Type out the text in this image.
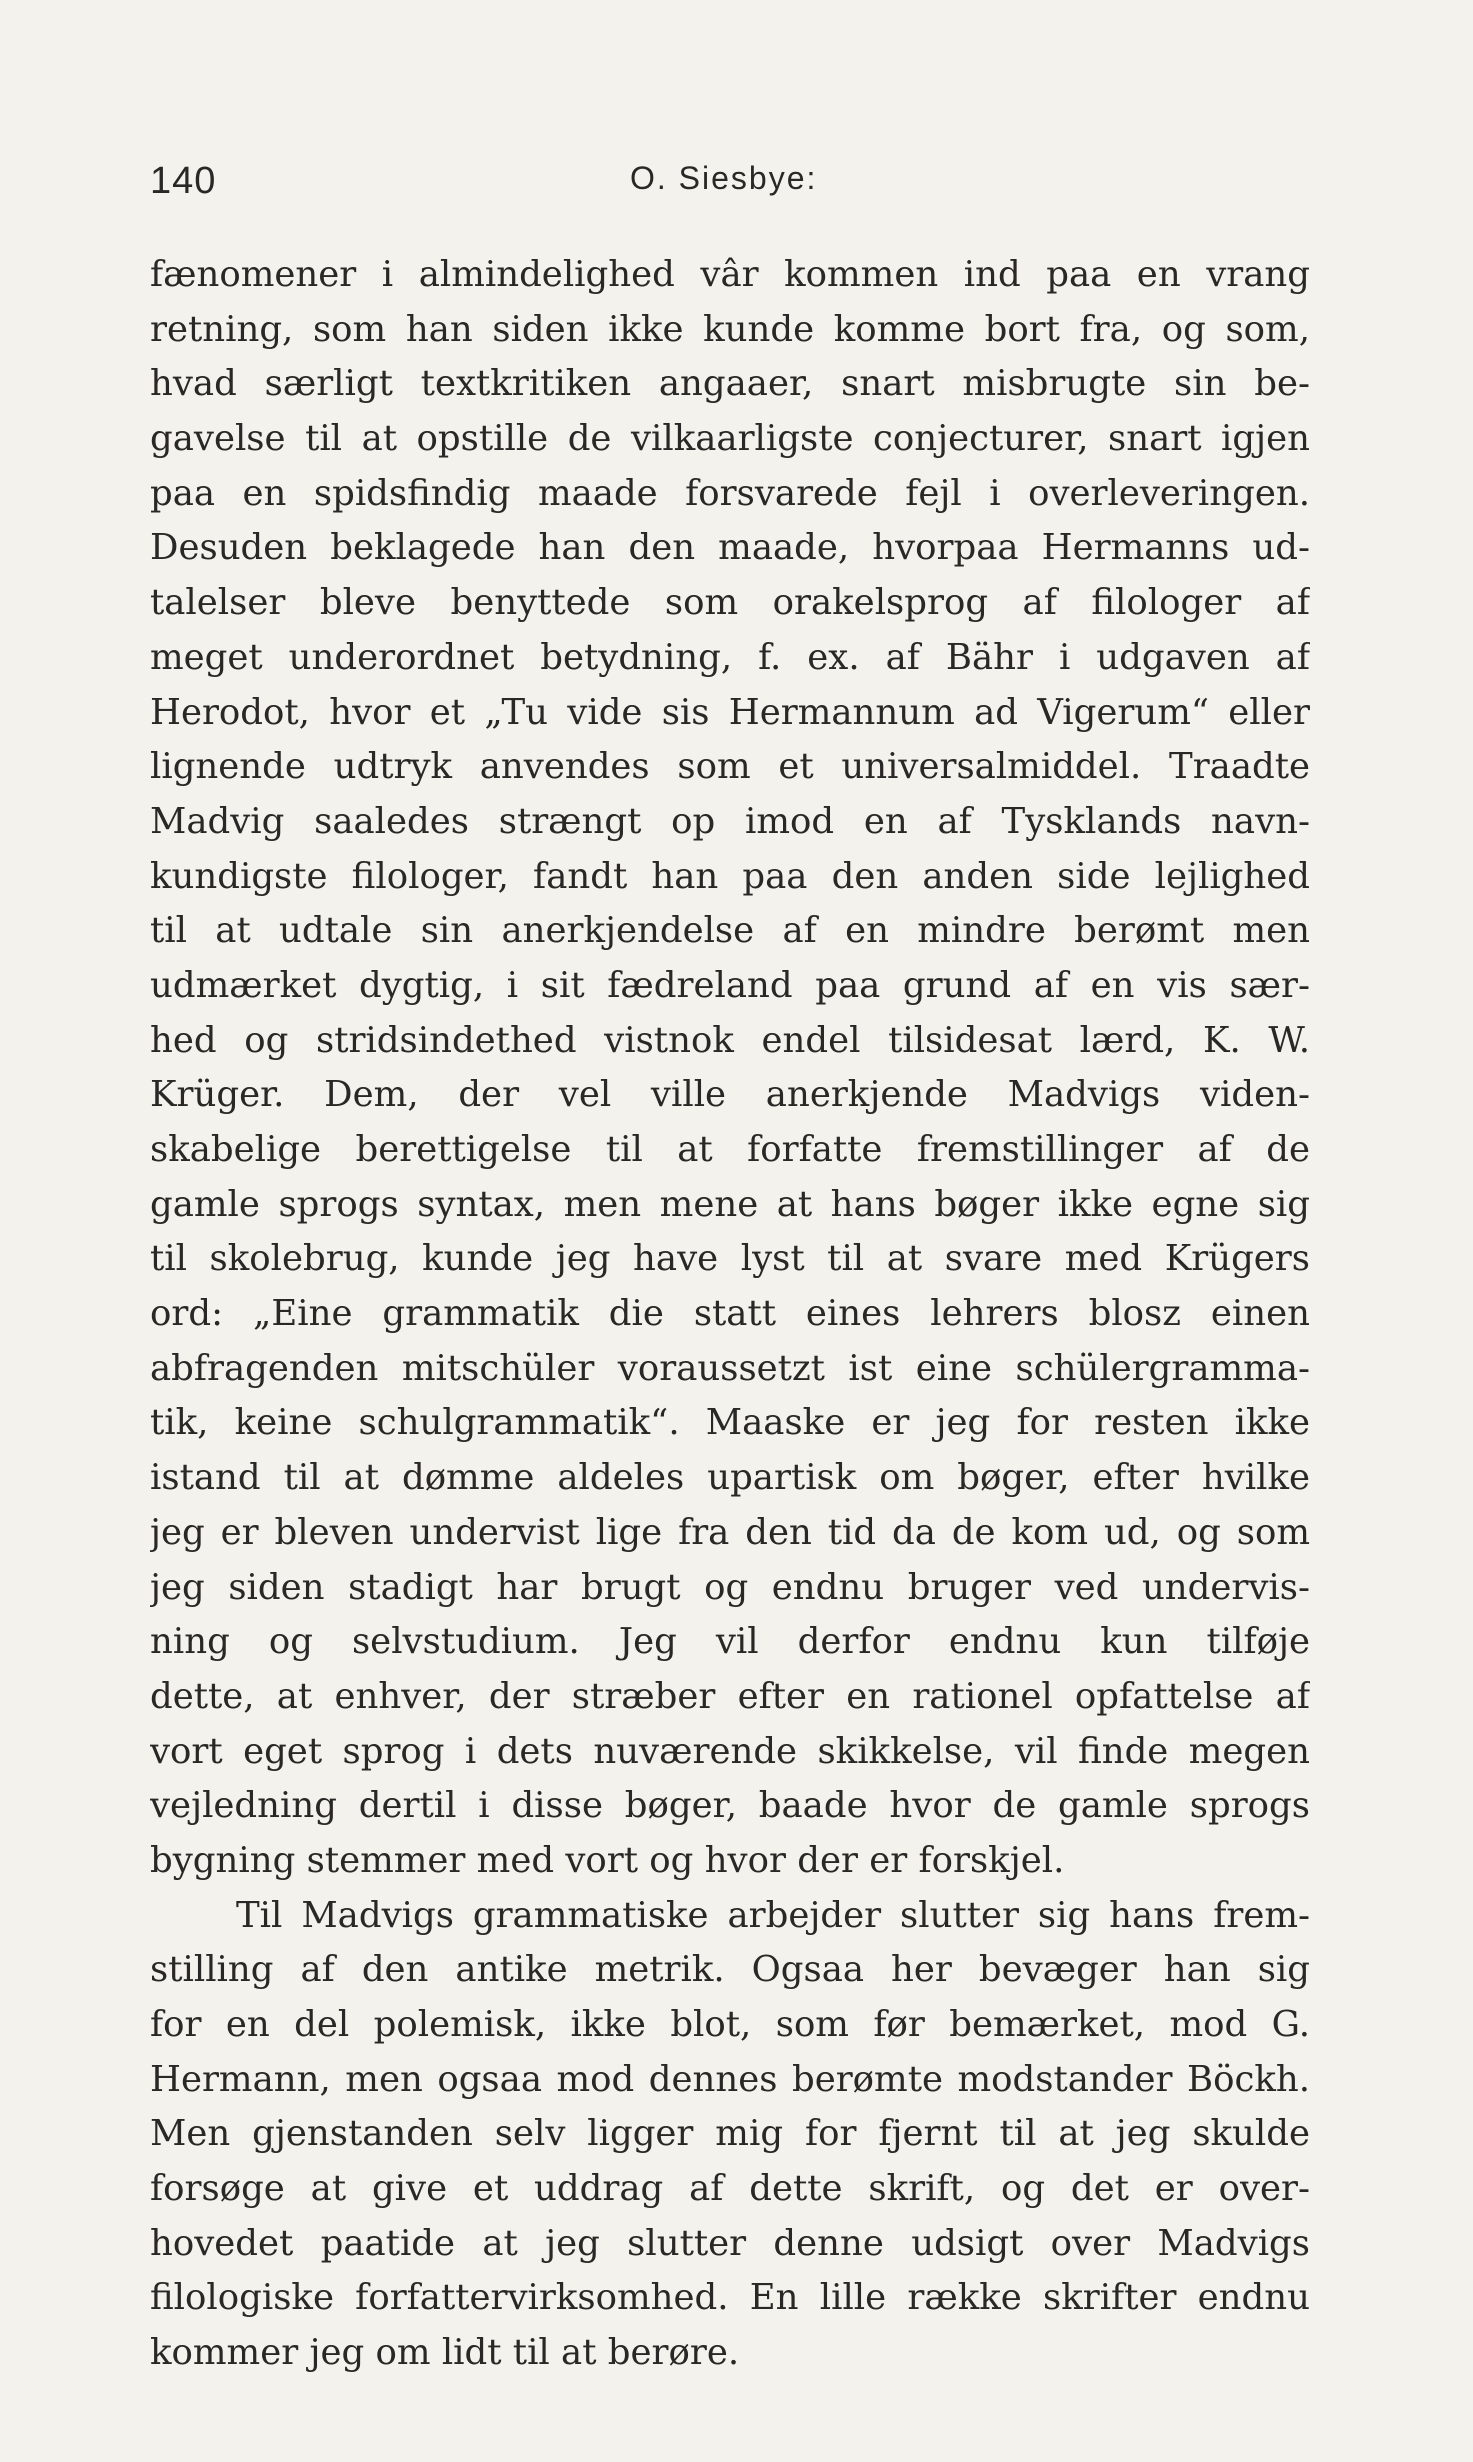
140	O. Siesbye:
fænomener i almindelighed vâr kommen ind paa en vrang
retning, som han siden ikke kunde komme bort fra, og som,
hvad særligt textkritiken angaaer, snart misbrugte sin be-
gavelse til at opstille de vilkaarligste conjecturer, snart igjen
paa en spidsfindig maade forsvarede fejl i overleveringen.
Desuden beklagede han den maade, hvorpaa Hermanns ud-
talelser bleve benyttede som orakelsprog af filologer af
meget underordnet betydning, f. ex. af Bähr i udgaven af
Herodot, hvor et „Tu vide sis Hermannum ad Vigerum“ eller
lignende udtryk anvendes som et universalmiddel. Traadte
Madvig saaledes strængt op imod en af Tysklands navn-
kundigste filologer, fandt han paa den anden side lejlighed
til at udtale sin anerkjendelse af en mindre berømt men
udmærket dygtig, i sit fædreland paa grund af en vis sær-
hed og stridsindethed vistnok endel tilsidesat lærd, K. W.
Krüger. Dem, der vel ville anerkjende Madvigs viden-
skabelige berettigelse til at forfatte fremstillinger af de
gamle sprogs syntax, men mene at hans bøger ikke egne sig
til skolebrug, kunde jeg have lyst til at svare med Krügers
ord: „Eine grammatik die statt eines lehrers blosz einen
abfragenden mitschüler voraussetzt ist eine schülergramma-
tik, keine schulgrammatik“. Maaske er jeg for resten ikke
istand til at dømme aldeles upartisk om bøger, efter hvilke
jeg er bleven undervist lige fra den tid da de kom ud, og som
jeg siden stadigt har brugt og endnu bruger ved undervis-
ning og selvstudium. Jeg vil derfor endnu kun tilføje
dette, at enhver, der stræber efter en rationel opfattelse af
vort eget sprog i dets nuværende skikkelse, vil finde megen
vejledning dertil i disse bøger, baade hvor de gamle sprogs
bygning stemmer med vort og hvor der er forskjel.
Til Madvigs grammatiske arbejder slutter sig hans frem-
stilling af den antike metrik. Ogsaa her bevæger han sig
for en del polemisk, ikke blot, som før bemærket, mod G.
Hermann, men ogsaa mod dennes berømte modstander Böckh.
Men gjenstanden selv ligger mig for fjernt til at jeg skulde
forsøge at give et uddrag af dette skrift, og det er over-
hovedet paatide at jeg slutter denne udsigt over Madvigs
filologiske forfattervirksomhed. En lille række skrifter endnu
kommer jeg om lidt til at berøre.
